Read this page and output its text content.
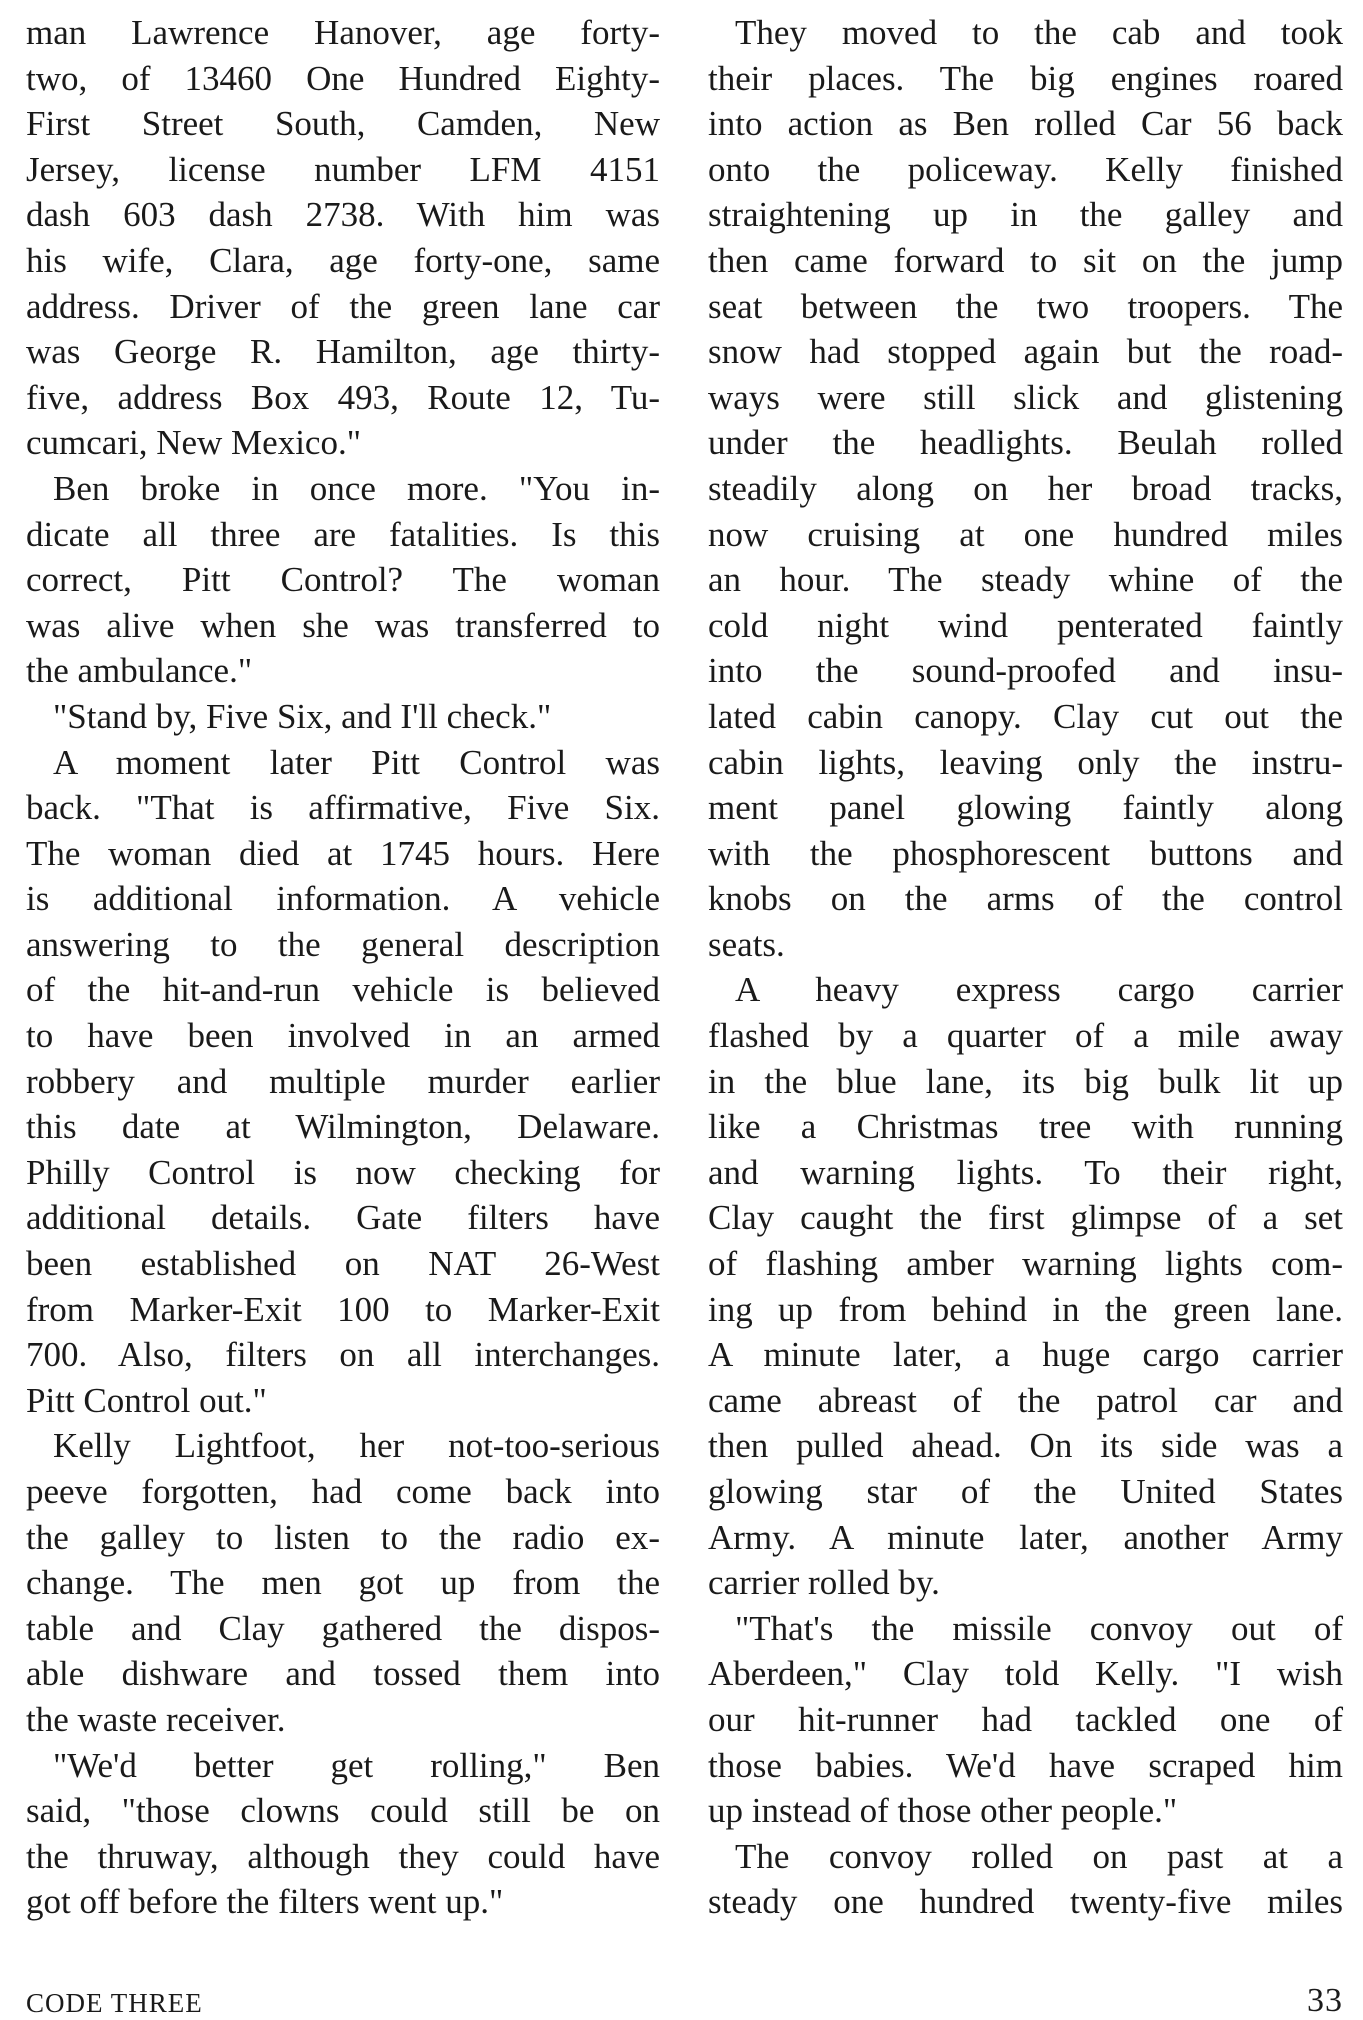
man Lawrence Hanover, age forty-
two, of 13460 One Hundred Eighty-
First Street South, Camden, New
Jersey, license number LFM 4151
dash 603 dash 2738. With him was
his wife, Clara, age forty-one, same
address. Driver of the green lane car
was George R. Hamilton, age thirty-
five, address Box 493, Route 12, Tu-
cumcari, New Mexico."

Ben broke in once more. "You in-
dicate all three are fatalities. Is this
correct, Pitt Control? The woman
was alive when she was transferred to
the ambulance."

"Stand by, Five Six, and I'll check."

A moment later Pitt Control was
back. "That is affirmative, Five Six.
The woman died at 1745 hours. Here
is additional information. A vehicle
answering to the general description
of the hit-and-run vehicle is believed
to have been involved in an armed
robbery and multiple murder earlier
this date at Wilmington, Delaware.
Philly Control is now checking for
additional details. Gate filters have
been established on NAT 26-West
from Marker-Exit 100 to Marker-Exit
700. Also, filters on all interchanges.
Pitt Control out."

Kelly Lightfoot, her not-too-serious
peeve forgotten, had come back into
the galley to listen to the radio ex-
change. The men got up from the
table and Clay gathered the dispos-
able dishware and tossed them into
the waste receiver.

"We'd better get rolling," Ben
said, "those clowns could still be on
the thruway, although they could have
got off before the filters went up."

They moved to the cab and took
their places. The big engines roared
into action as Ben rolled Car 56 back
onto the policeway. Kelly finished
straightening up in the galley and
then came forward to sit on the jump
seat between the two troopers. The
snow had stopped again but the road-
ways were still slick and glistening
under the headlights. Beulah rolled
steadily along on her broad tracks,
now cruising at one hundred miles
an hour. The steady whine of the
cold night wind penterated faintly
into the sound-proofed and insu-
lated cabin canopy. Clay cut out the
cabin lights, leaving only the instru-
ment panel glowing faintly along
with the phosphorescent buttons and
knobs on the arms of the control
seats.

A heavy express cargo carrier
flashed by a quarter of a mile away
in the blue lane, its big bulk lit up
like a Christmas tree with running
and warning lights. To their right,
Clay caught the first glimpse of a set
of flashing amber warning lights com-
ing up from behind in the green lane.
A minute later, a huge cargo carrier
came abreast of the patrol car and
then pulled ahead. On its side was a
glowing star of the United States
Army. A minute later, another Army
carrier rolled by.

"That's the missile convoy out of
Aberdeen," Clay told Kelly. "I wish
our hit-runner had tackled one of
those babies. We'd have scraped him
up instead of those other people."

The convoy rolled on past at a
steady one hundred twenty-five miles

CODE THREE	33
